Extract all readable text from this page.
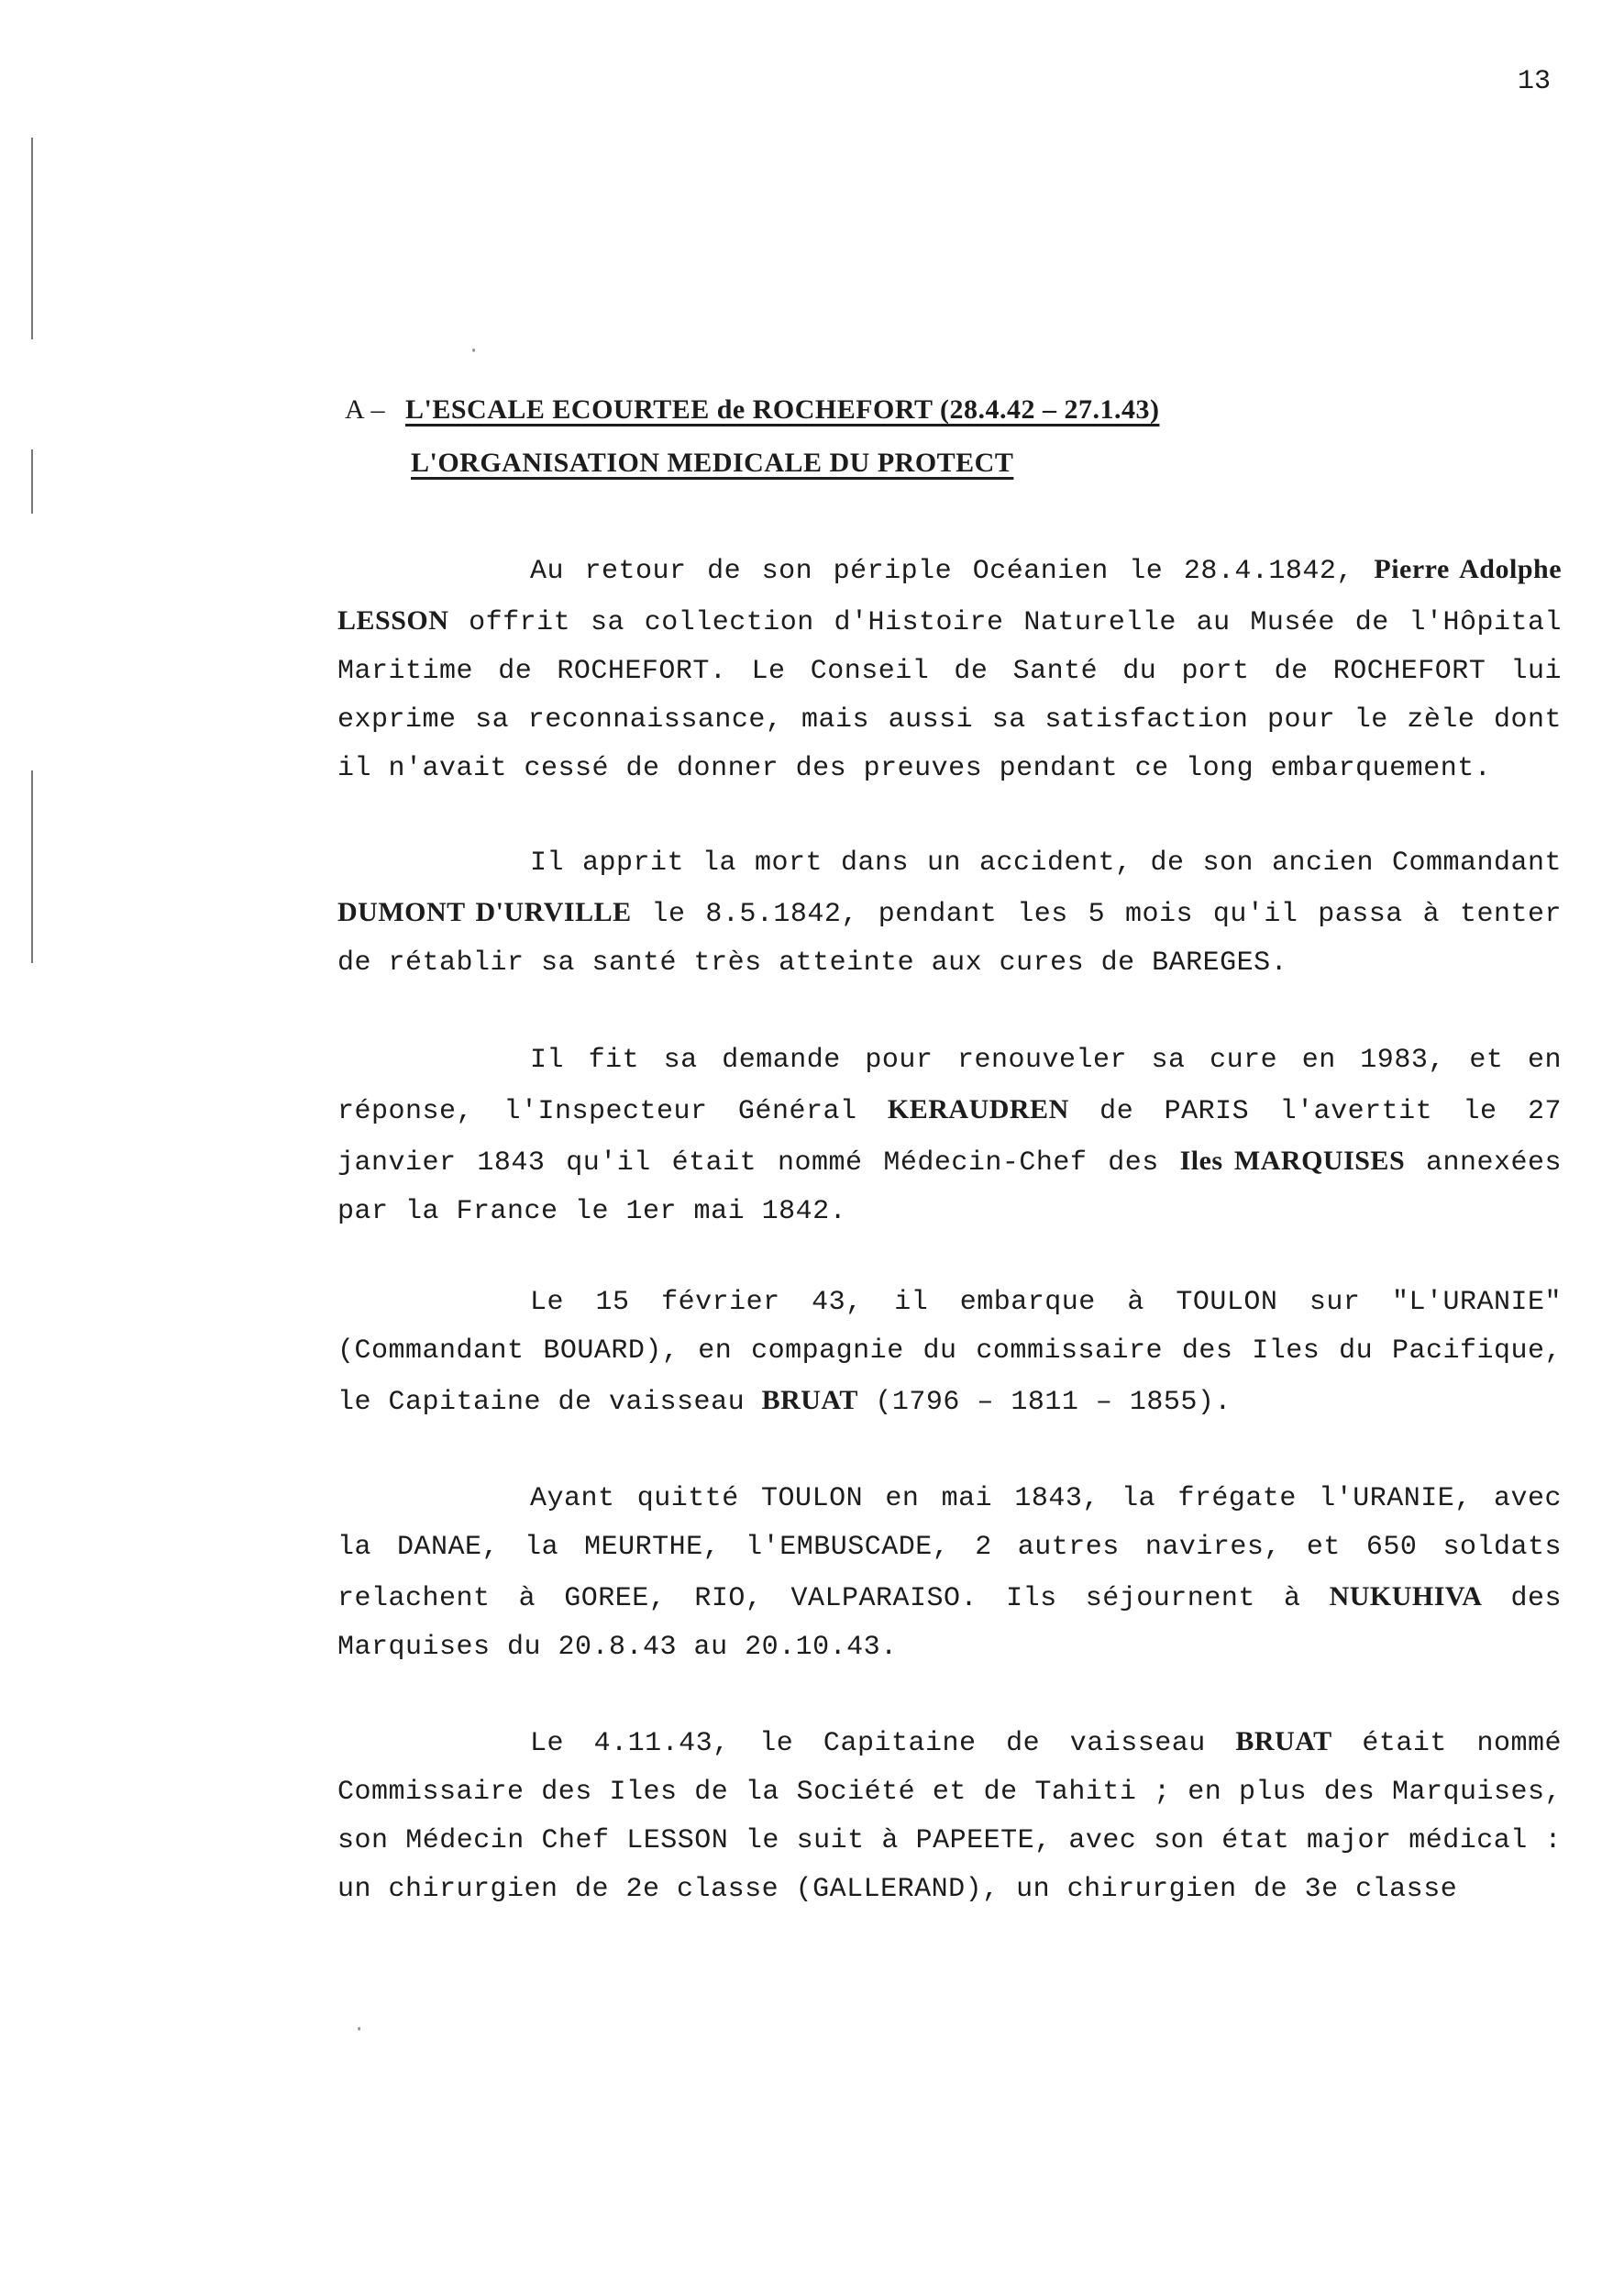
13
·
·
A – L'ESCALE ECOURTEE de ROCHEFORT (28.4.42 – 27.1.43)
L'ORGANISATION MEDICALE DU PROTECT
Au retour de son périple Océanien le 28.4.1842, Pierre Adolphe LESSON offrit sa collection d'Histoire Naturelle au Musée de l'Hôpital Maritime de ROCHEFORT. Le Conseil de Santé du port de ROCHEFORT lui exprime sa reconnaissance, mais aussi sa satisfaction pour le zèle dont il n'avait cessé de donner des preuves pendant ce long embarquement.
Il apprit la mort dans un accident, de son ancien Commandant DUMONT D'URVILLE le 8.5.1842, pendant les 5 mois qu'il passa à tenter de rétablir sa santé très atteinte aux cures de BAREGES.
Il fit sa demande pour renouveler sa cure en 1983, et en réponse, l'Inspecteur Général KERAUDREN de PARIS l'avertit le 27 janvier 1843 qu'il était nommé Médecin-Chef des Iles MARQUISES annexées par la France le 1er mai 1842.
Le 15 février 43, il embarque à TOULON sur "L'URANIE" (Commandant BOUARD), en compagnie du commissaire des Iles du Pacifique, le Capitaine de vaisseau BRUAT (1796 – 1811 – 1855).
Ayant quitté TOULON en mai 1843, la frégate l'URANIE, avec la DANAE, la MEURTHE, l'EMBUSCADE, 2 autres navires, et 650 soldats relachent à GOREE, RIO, VALPARAISO. Ils séjournent à NUKUHIVA des Marquises du 20.8.43 au 20.10.43.
Le 4.11.43, le Capitaine de vaisseau BRUAT était nommé Commissaire des Iles de la Société et de Tahiti ; en plus des Marquises, son Médecin Chef LESSON le suit à PAPEETE, avec son état major médical : un chirurgien de 2e classe (GALLERAND), un chirurgien de 3e classe
